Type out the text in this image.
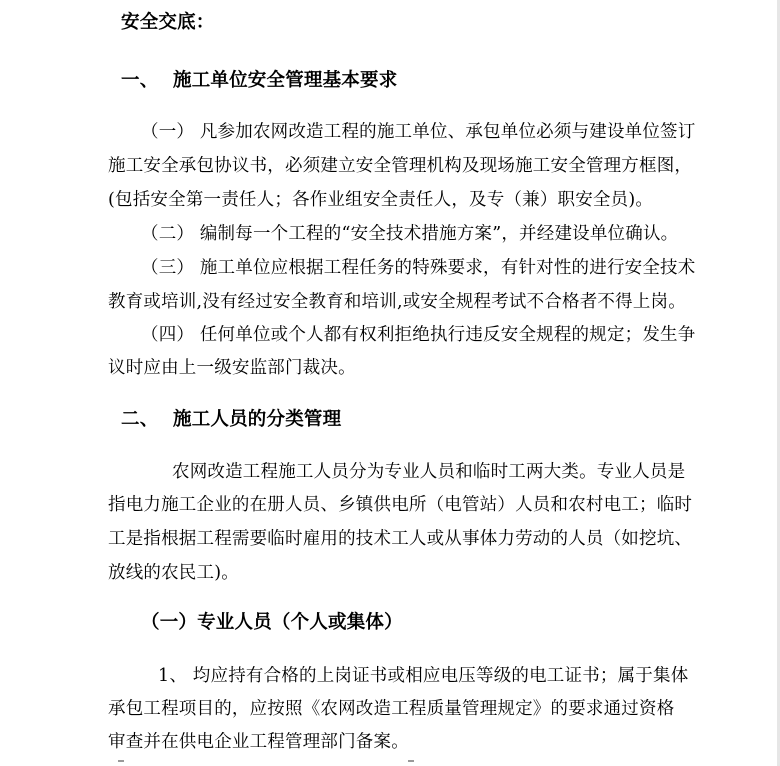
安全交底：
一、 施工单位安全管理基本要求
（一） 凡参加农网改造工程的施工单位、承包单位必须与建设单位签订
施工安全承包协议书，必须建立安全管理机构及现场施工安全管理方框图，
(包括安全第一责任人；各作业组安全责任人，及专（兼）职安全员)。
（二） 编制每一个工程的“安全技术措施方案”，并经建设单位确认。
（三） 施工单位应根据工程任务的特殊要求，有针对性的进行安全技术
教育或培训,没有经过安全教育和培训,或安全规程考试不合格者不得上岗。
（四） 任何单位或个人都有权利拒绝执行违反安全规程的规定；发生争
议时应由上一级安监部门裁决。
二、 施工人员的分类管理
农网改造工程施工人员分为专业人员和临时工两大类。专业人员是
指电力施工企业的在册人员、乡镇供电所（电管站）人员和农村电工；临时
工是指根据工程需要临时雇用的技术工人或从事体力劳动的人员（如挖坑、
放线的农民工)。
（一）专业人员（个人或集体）
1、 均应持有合格的上岗证书或相应电压等级的电工证书；属于集体
承包工程项目的，应按照《农网改造工程质量管理规定》的要求通过资格
审查并在供电企业工程管理部门备案。
